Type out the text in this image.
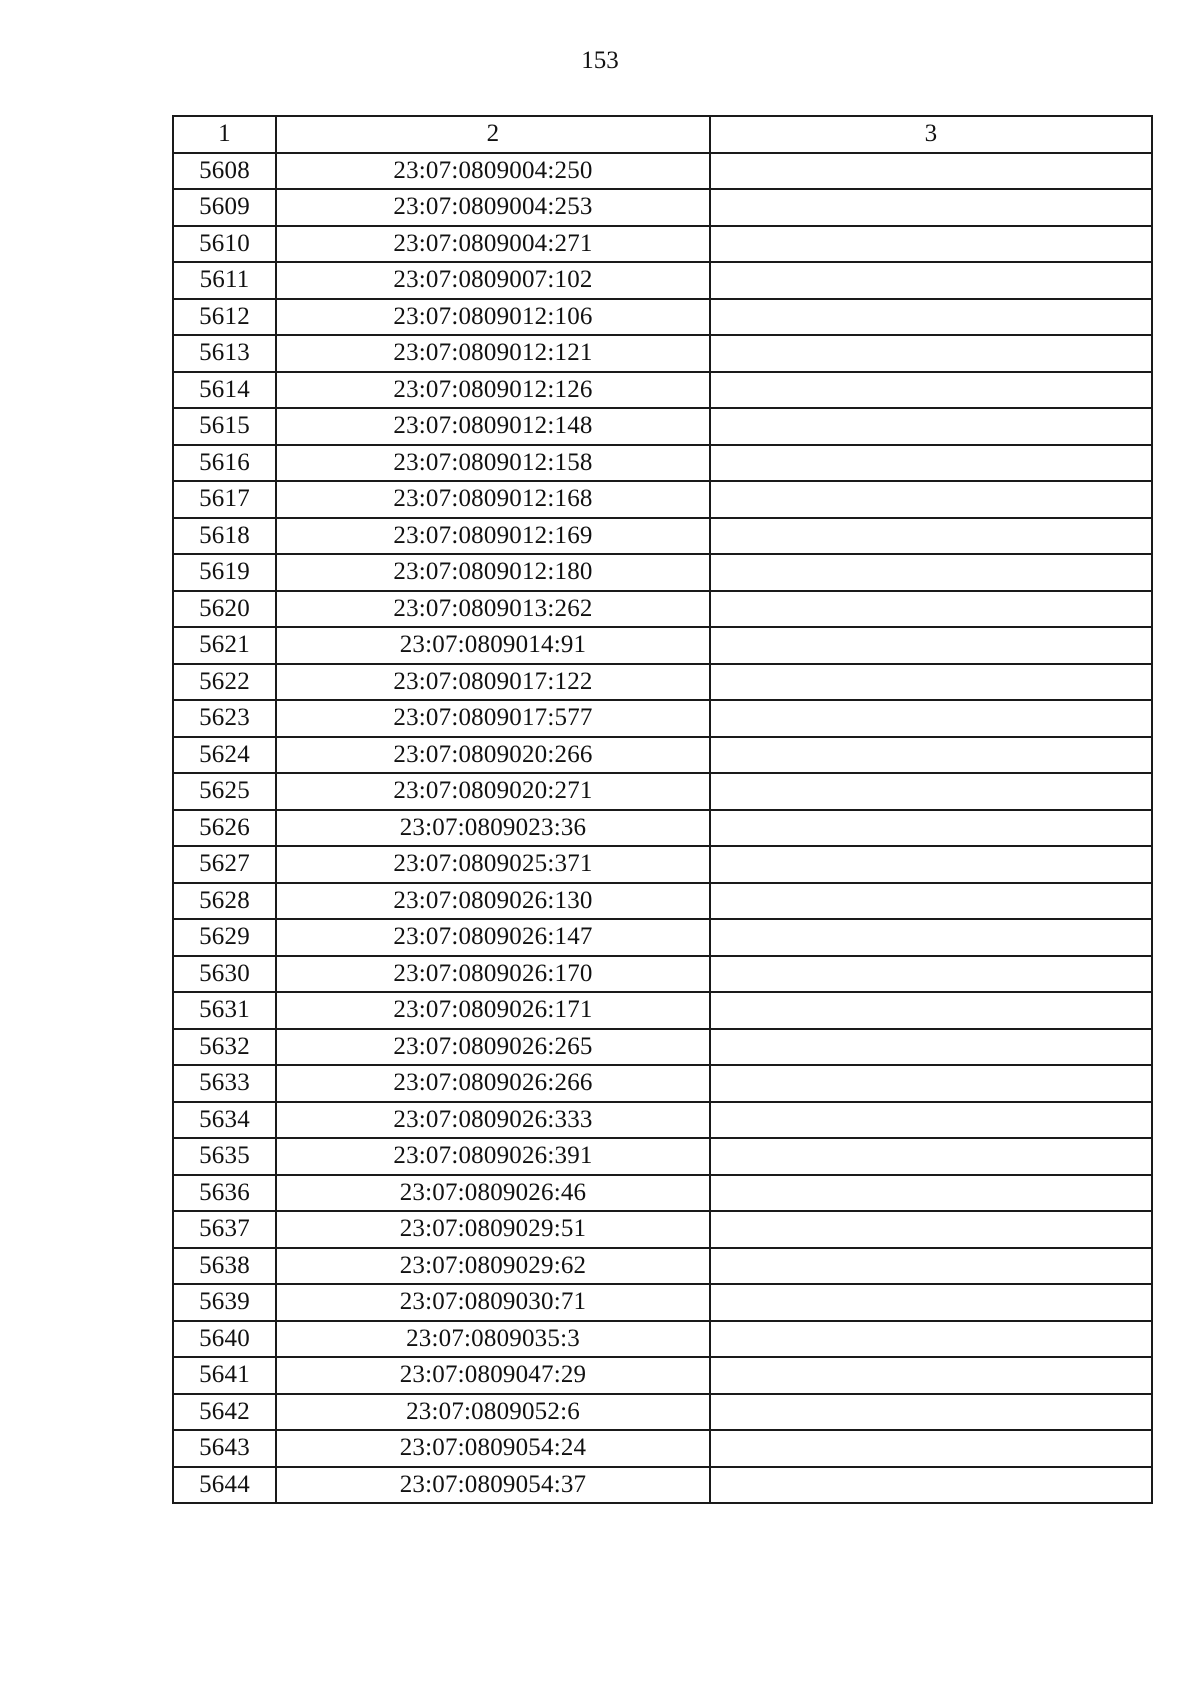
153
1	2	3
5608	23:07:0809004:250	
5609	23:07:0809004:253	
5610	23:07:0809004:271	
5611	23:07:0809007:102	
5612	23:07:0809012:106	
5613	23:07:0809012:121	
5614	23:07:0809012:126	
5615	23:07:0809012:148	
5616	23:07:0809012:158	
5617	23:07:0809012:168	
5618	23:07:0809012:169	
5619	23:07:0809012:180	
5620	23:07:0809013:262	
5621	23:07:0809014:91	
5622	23:07:0809017:122	
5623	23:07:0809017:577	
5624	23:07:0809020:266	
5625	23:07:0809020:271	
5626	23:07:0809023:36	
5627	23:07:0809025:371	
5628	23:07:0809026:130	
5629	23:07:0809026:147	
5630	23:07:0809026:170	
5631	23:07:0809026:171	
5632	23:07:0809026:265	
5633	23:07:0809026:266	
5634	23:07:0809026:333	
5635	23:07:0809026:391	
5636	23:07:0809026:46	
5637	23:07:0809029:51	
5638	23:07:0809029:62	
5639	23:07:0809030:71	
5640	23:07:0809035:3	
5641	23:07:0809047:29	
5642	23:07:0809052:6	
5643	23:07:0809054:24	
5644	23:07:0809054:37	
